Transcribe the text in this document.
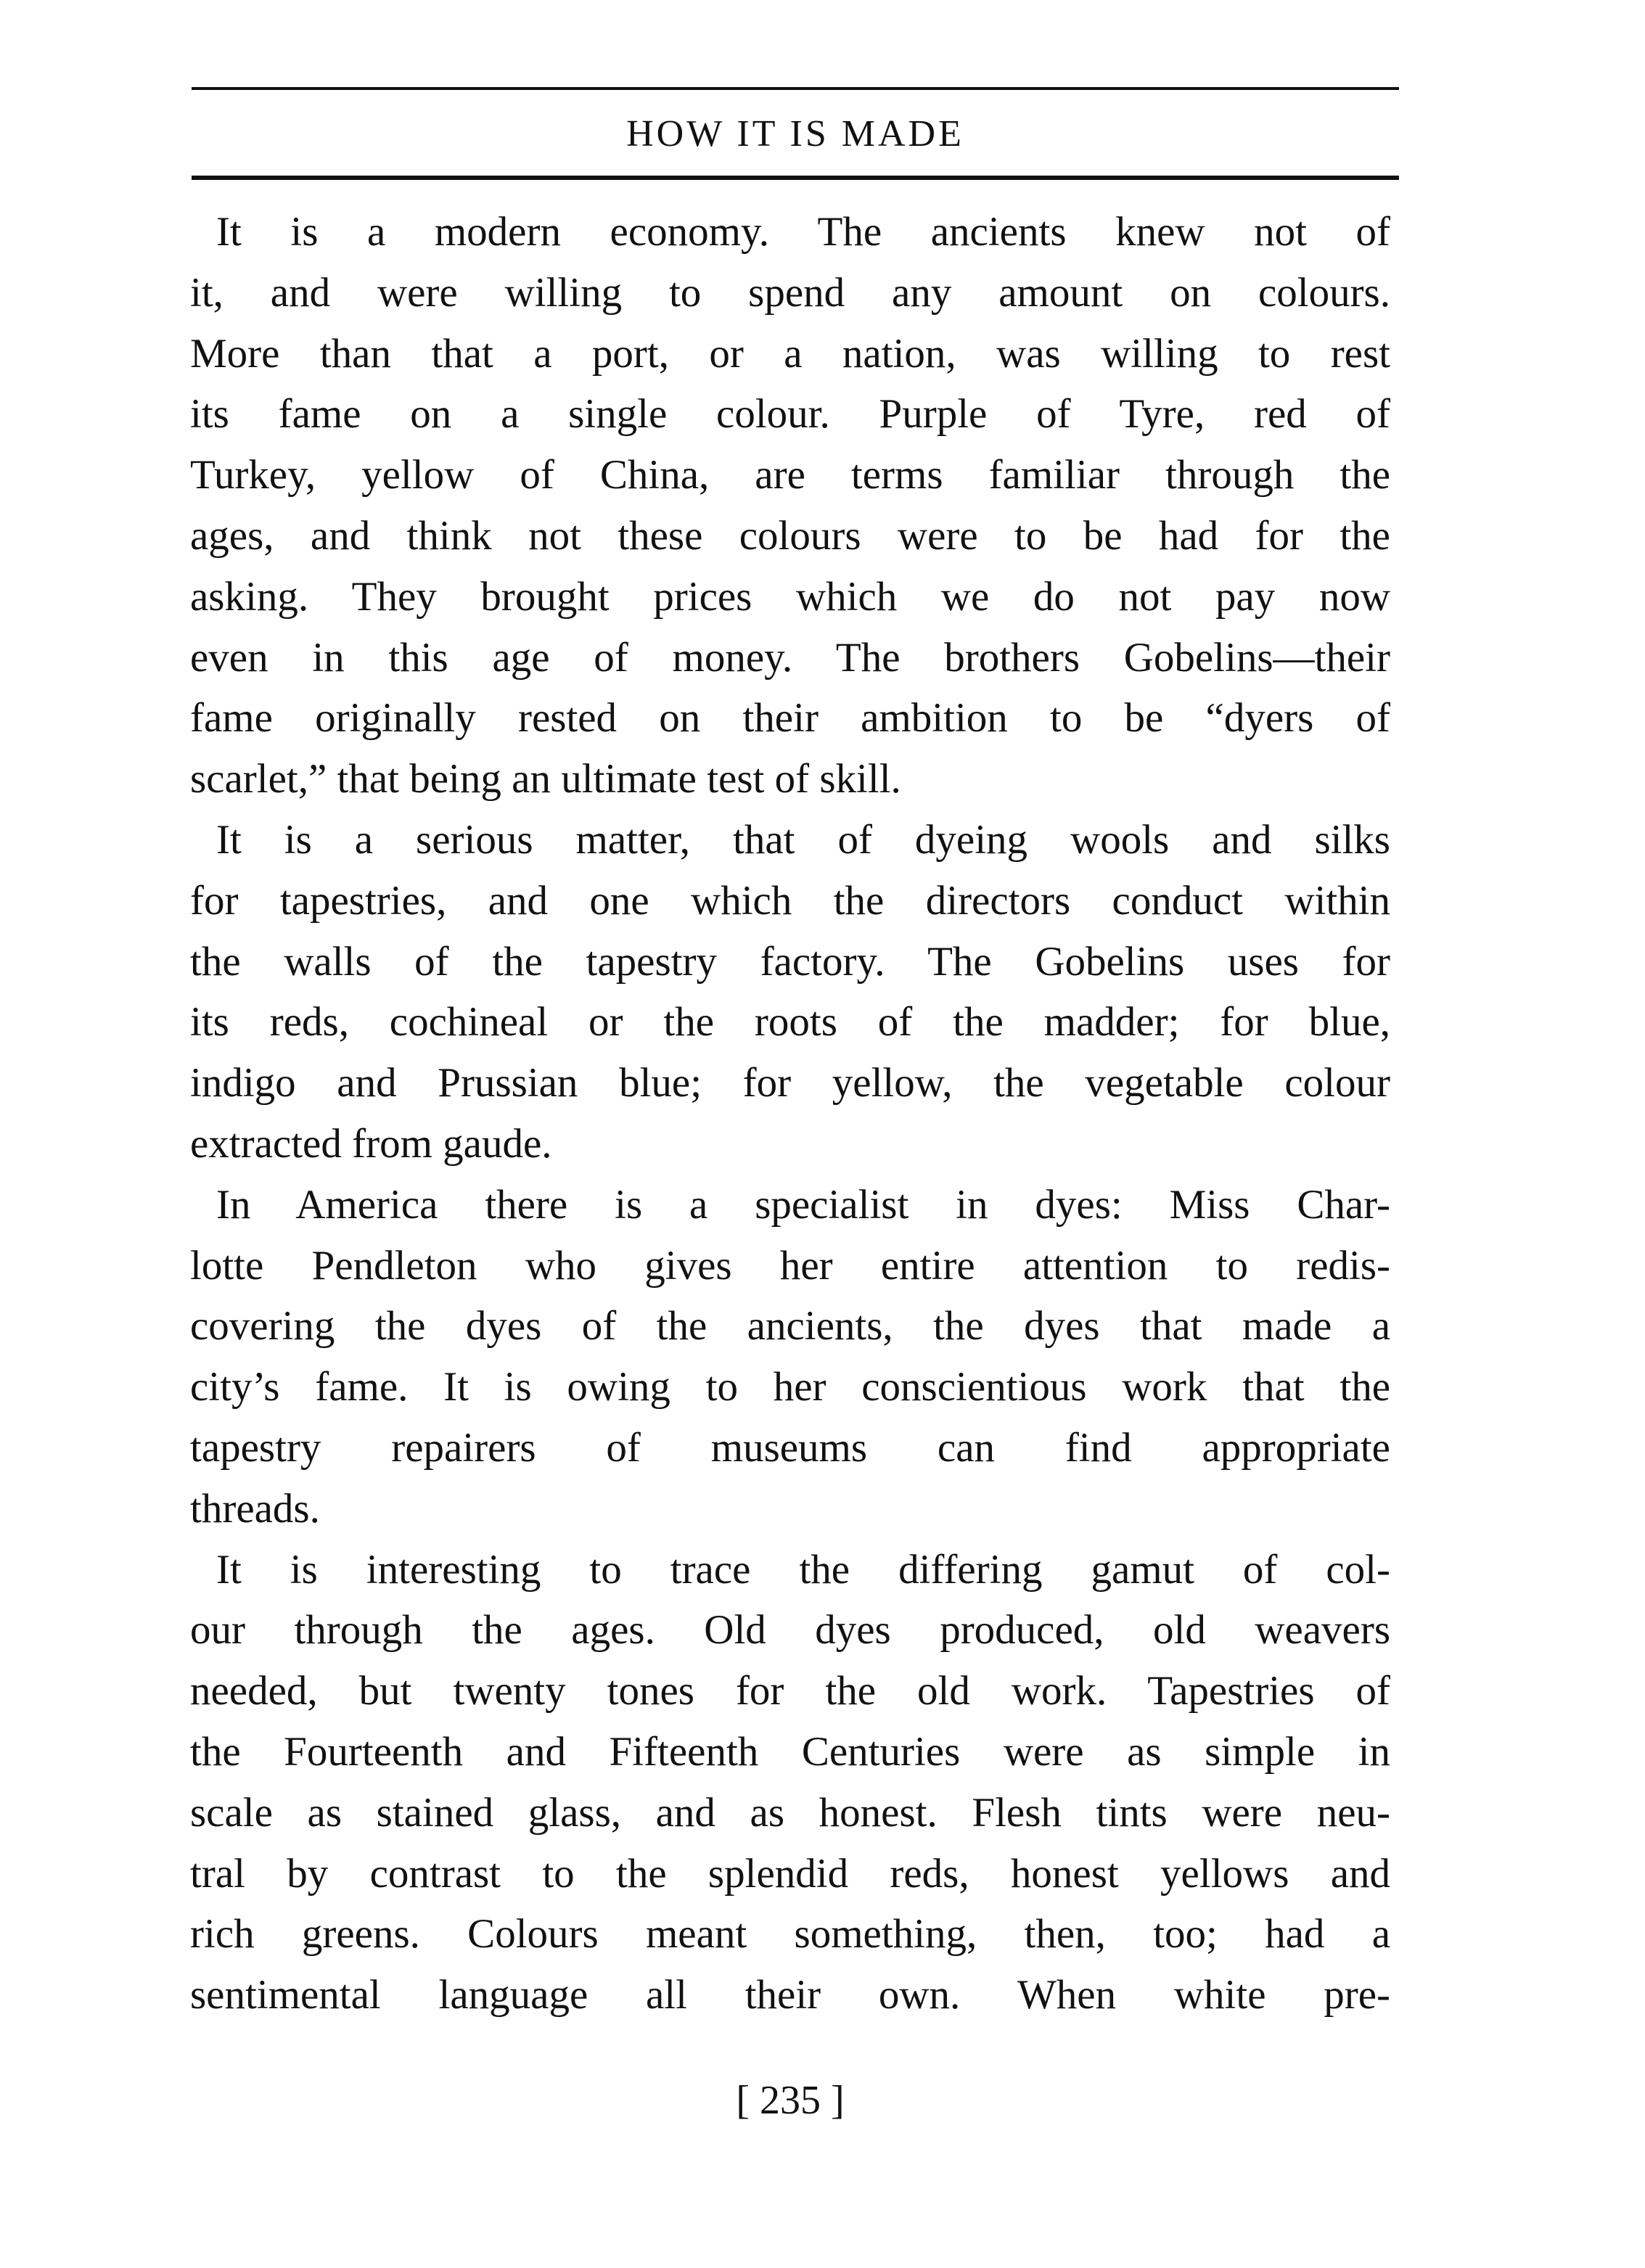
HOW IT IS MADE
It is a modern economy. The ancients knew not of
it, and were willing to spend any amount on colours.
More than that a port, or a nation, was willing to rest
its fame on a single colour. Purple of Tyre, red of
Turkey, yellow of China, are terms familiar through the
ages, and think not these colours were to be had for the
asking. They brought prices which we do not pay now
even in this age of money. The brothers Gobelins—their
fame originally rested on their ambition to be “dyers of
scarlet,” that being an ultimate test of skill.
It is a serious matter, that of dyeing wools and silks
for tapestries, and one which the directors conduct within
the walls of the tapestry factory. The Gobelins uses for
its reds, cochineal or the roots of the madder; for blue,
indigo and Prussian blue; for yellow, the vegetable colour
extracted from gaude.
In America there is a specialist in dyes: Miss Char-
lotte Pendleton who gives her entire attention to redis-
covering the dyes of the ancients, the dyes that made a
city’s fame. It is owing to her conscientious work that the
tapestry repairers of museums can find appropriate
threads.
It is interesting to trace the differing gamut of col-
our through the ages. Old dyes produced, old weavers
needed, but twenty tones for the old work. Tapestries of
the Fourteenth and Fifteenth Centuries were as simple in
scale as stained glass, and as honest. Flesh tints were neu-
tral by contrast to the splendid reds, honest yellows and
rich greens. Colours meant something, then, too; had a
sentimental language all their own. When white pre-
[ 235 ]
